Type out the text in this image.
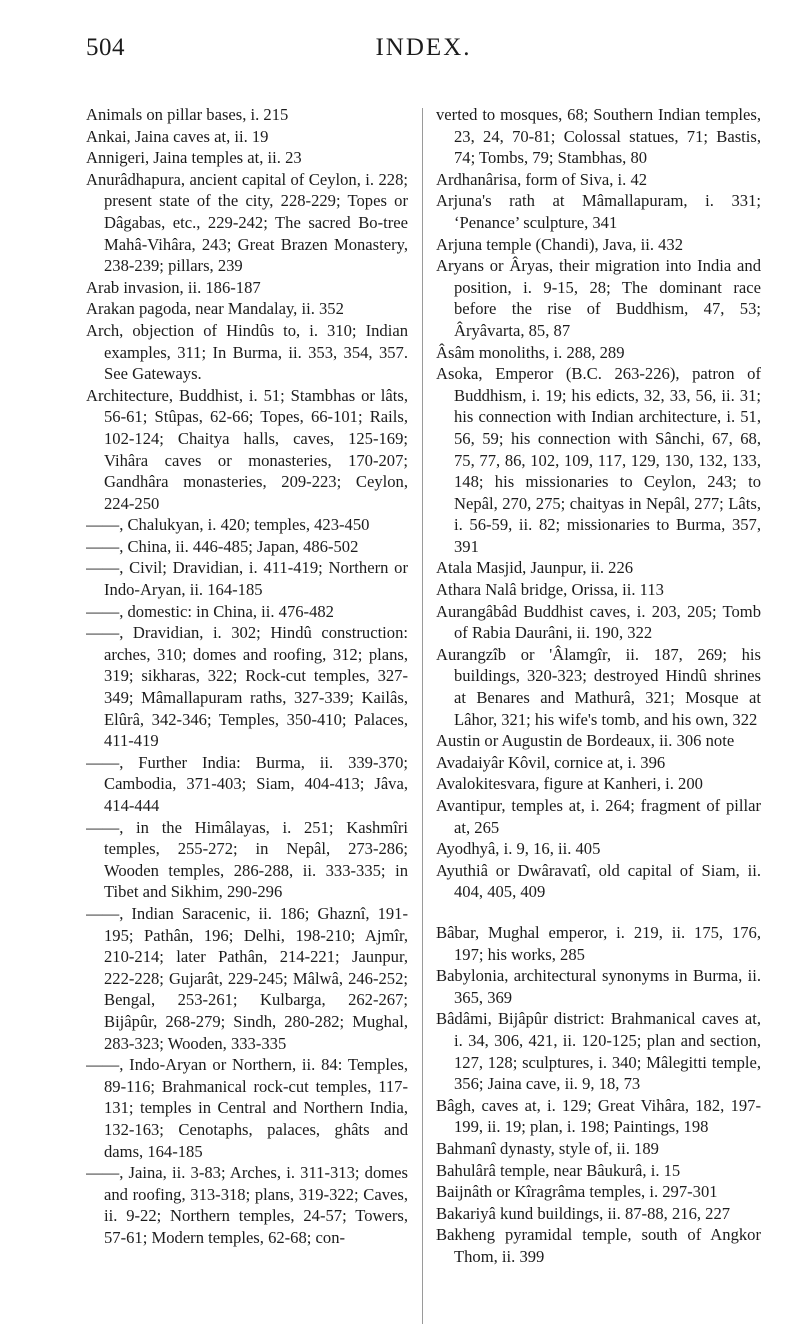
504	INDEX.

Animals on pillar bases, i. 215

Ankai, Jaina caves at, ii. 19

Annigeri, Jaina temples at, ii. 23

Anurâdhapura, ancient capital of Ceylon, i. 228; present state of the city, 228-229; Topes or Dâgabas, etc., 229-242; The sacred Bo-tree Mahâ-Vihâra, 243; Great Brazen Monastery, 238-239; pillars, 239

Arab invasion, ii. 186-187

Arakan pagoda, near Mandalay, ii. 352

Arch, objection of Hindûs to, i. 310; Indian examples, 311; In Burma, ii. 353, 354, 357. See Gateways.

Architecture, Buddhist, i. 51; Stambhas or lâts, 56-61; Stûpas, 62-66; Topes, 66-101; Rails, 102-124; Chaitya halls, caves, 125-169; Vihâra caves or monasteries, 170-207; Gandhâra monasteries, 209-223; Ceylon, 224-250

——, Chalukyan, i. 420; temples, 423-450

——, China, ii. 446-485; Japan, 486-502

——, Civil; Dravidian, i. 411-419; Northern or Indo-Aryan, ii. 164-185

——, domestic: in China, ii. 476-482

——, Dravidian, i. 302; Hindû construction: arches, 310; domes and roofing, 312; plans, 319; sikharas, 322; Rock-cut temples, 327-349; Mâmallapuram raths, 327-339; Kailâs, Elûrâ, 342-346; Temples, 350-410; Palaces, 411-419

——, Further India: Burma, ii. 339-370; Cambodia, 371-403; Siam, 404-413; Jâva, 414-444

——, in the Himâlayas, i. 251; Kashmîri temples, 255-272; in Nepâl, 273-286; Wooden temples, 286-288, ii. 333-335; in Tibet and Sikhim, 290-296

——, Indian Saracenic, ii. 186; Ghaznî, 191-195; Pathân, 196; Delhi, 198-210; Ajmîr, 210-214; later Pathân, 214-221; Jaunpur, 222-228; Gujarât, 229-245; Mâlwâ, 246-252; Bengal, 253-261; Kulbarga, 262-267; Bijâpûr, 268-279; Sindh, 280-282; Mughal, 283-323; Wooden, 333-335

——, Indo-Aryan or Northern, ii. 84: Temples, 89-116; Brahmanical rock-cut temples, 117-131; temples in Central and Northern India, 132-163; Cenotaphs, palaces, ghâts and dams, 164-185

——, Jaina, ii. 3-83; Arches, i. 311-313; domes and roofing, 313-318; plans, 319-322; Caves, ii. 9-22; Northern temples, 24-57; Towers, 57-61; Modern temples, 62-68; con-

verted to mosques, 68; Southern Indian temples, 23, 24, 70-81; Colossal statues, 71; Bastis, 74; Tombs, 79; Stambhas, 80

Ardhanârisa, form of Siva, i. 42

Arjuna's rath at Mâmallapuram, i. 331; ‘Penance’ sculpture, 341

Arjuna temple (Chandi), Java, ii. 432

Aryans or Âryas, their migration into India and position, i. 9-15, 28; The dominant race before the rise of Buddhism, 47, 53; Âryâvarta, 85, 87

Âsâm monoliths, i. 288, 289

Asoka, Emperor (B.C. 263-226), patron of Buddhism, i. 19; his edicts, 32, 33, 56, ii. 31; his connection with Indian architecture, i. 51, 56, 59; his connection with Sânchi, 67, 68, 75, 77, 86, 102, 109, 117, 129, 130, 132, 133, 148; his missionaries to Ceylon, 243; to Nepâl, 270, 275; chaityas in Nepâl, 277; Lâts, i. 56-59, ii. 82; missionaries to Burma, 357, 391

Atala Masjid, Jaunpur, ii. 226

Athara Nalâ bridge, Orissa, ii. 113

Aurangâbâd Buddhist caves, i. 203, 205; Tomb of Rabia Daurâni, ii. 190, 322

Aurangzîb or 'Âlamgîr, ii. 187, 269; his buildings, 320-323; destroyed Hindû shrines at Benares and Mathurâ, 321; Mosque at Lâhor, 321; his wife's tomb, and his own, 322

Austin or Augustin de Bordeaux, ii. 306 note

Avadaiyâr Kôvil, cornice at, i. 396

Avalokitesvara, figure at Kanheri, i. 200

Avantipur, temples at, i. 264; fragment of pillar at, 265

Ayodhyâ, i. 9, 16, ii. 405

Ayuthiâ or Dwâravatî, old capital of Siam, ii. 404, 405, 409

Bâbar, Mughal emperor, i. 219, ii. 175, 176, 197; his works, 285

Babylonia, architectural synonyms in Burma, ii. 365, 369

Bâdâmi, Bijâpûr district: Brahmanical caves at, i. 34, 306, 421, ii. 120-125; plan and section, 127, 128; sculptures, i. 340; Mâlegitti temple, 356; Jaina cave, ii. 9, 18, 73

Bâgh, caves at, i. 129; Great Vihâra, 182, 197-199, ii. 19; plan, i. 198; Paintings, 198

Bahmanî dynasty, style of, ii. 189

Bahulârâ temple, near Bâukurâ, i. 15

Baijnâth or Kîragrâma temples, i. 297-301

Bakariyâ kund buildings, ii. 87-88, 216, 227

Bakheng pyramidal temple, south of Angkor Thom, ii. 399
